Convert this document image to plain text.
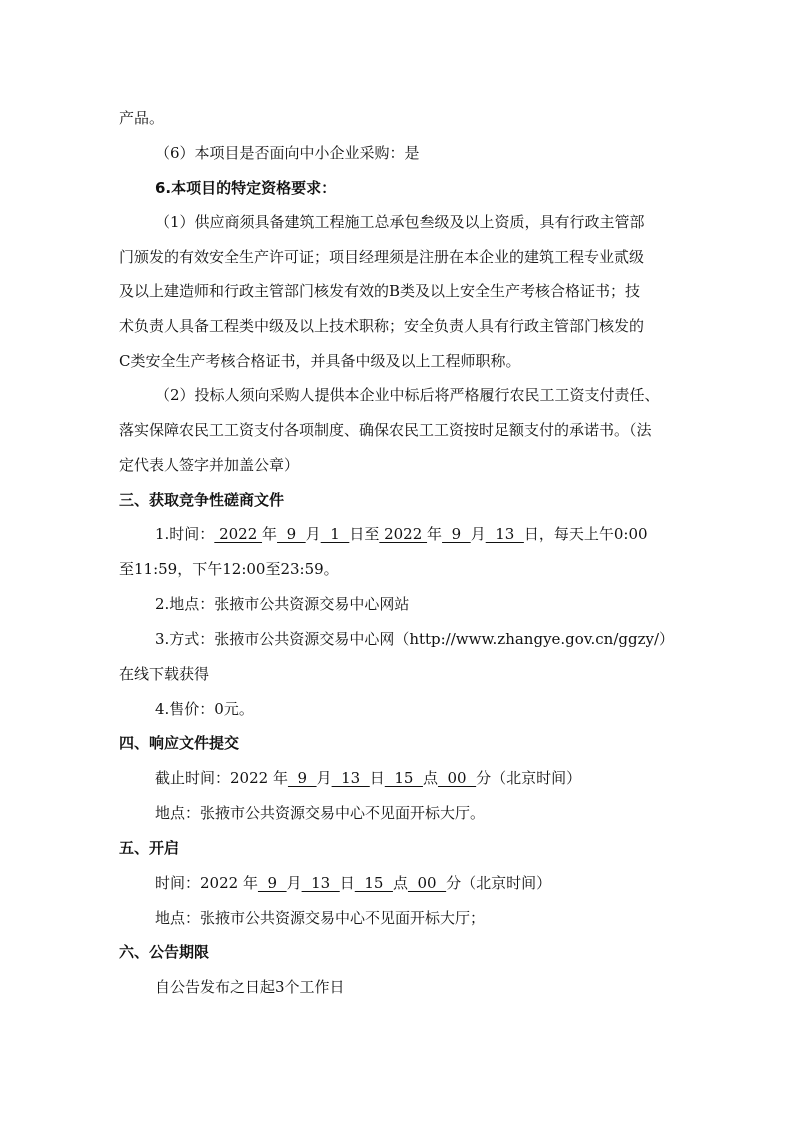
产品。
（6）本项目是否面向中小企业采购：是
6.本项目的特定资格要求：
（1）供应商须具备建筑工程施工总承包叁级及以上资质，具有行政主管部
门颁发的有效安全生产许可证；项目经理须是注册在本企业的建筑工程专业贰级
及以上建造师和行政主管部门核发有效的B类及以上安全生产考核合格证书；技
术负责人具备工程类中级及以上技术职称；安全负责人具有行政主管部门核发的
C类安全生产考核合格证书，并具备中级及以上工程师职称。
（2）投标人须向采购人提供本企业中标后将严格履行农民工工资支付责任、
落实保障农民工工资支付各项制度、确保农民工工资按时足额支付的承诺书。（法
定代表人签字并加盖公章）
三、获取竞争性磋商文件
1.时间： 2022 年  9  月  1  日至 2022 年  9  月  13  日，每天上午0:00
至11:59，下午12:00至23:59。
2.地点：张掖市公共资源交易中心网站
3.方式：张掖市公共资源交易中心网（http://www.zhangye.gov.cn/ggzy/）
在线下载获得
4.售价：0元。
四、响应文件提交
截止时间：2022 年  9  月  13  日  15  点  00  分（北京时间）
地点：张掖市公共资源交易中心不见面开标大厅。
五、开启
时间：2022 年  9  月  13  日  15  点  00  分（北京时间）
地点：张掖市公共资源交易中心不见面开标大厅；
六、公告期限
自公告发布之日起3个工作日
